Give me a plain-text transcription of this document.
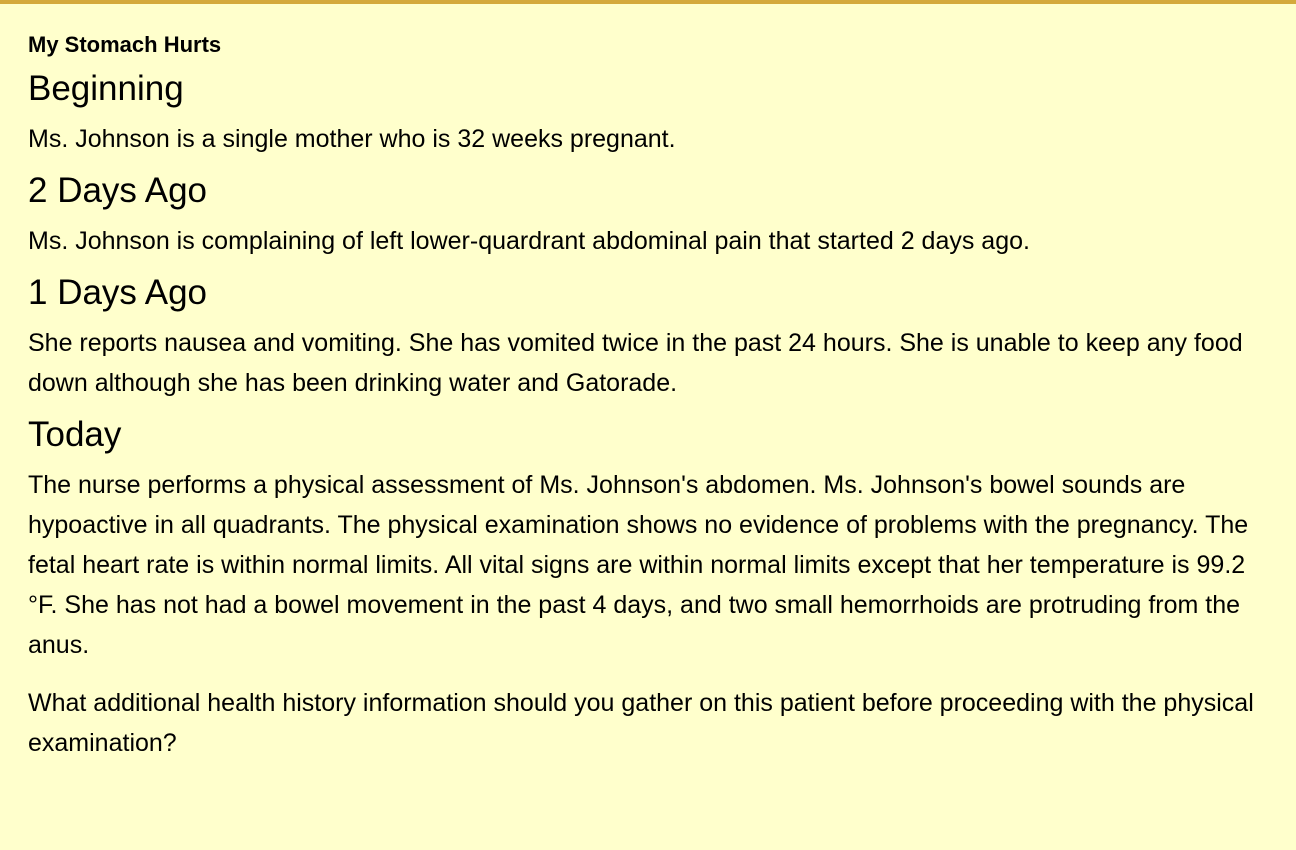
My Stomach Hurts
Beginning

Ms. Johnson is a single mother who is 32 weeks pregnant.

2 Days Ago

Ms. Johnson is complaining of left lower-quardrant abdominal pain that started 2 days ago.

1 Days Ago

She reports nausea and vomiting. She has vomited twice in the past 24 hours. She is unable to keep any food down although she has been drinking water and Gatorade.

Today

The nurse performs a physical assessment of Ms. Johnson's abdomen. Ms. Johnson's bowel sounds are hypoactive in all quadrants. The physical examination shows no evidence of problems with the pregnancy. The fetal heart rate is within normal limits. All vital signs are within normal limits except that her temperature is 99.2 °F. She has not had a bowel movement in the past 4 days, and two small hemorrhoids are protruding from the anus.

What additional health history information should you gather on this patient before proceeding with the physical examination?
